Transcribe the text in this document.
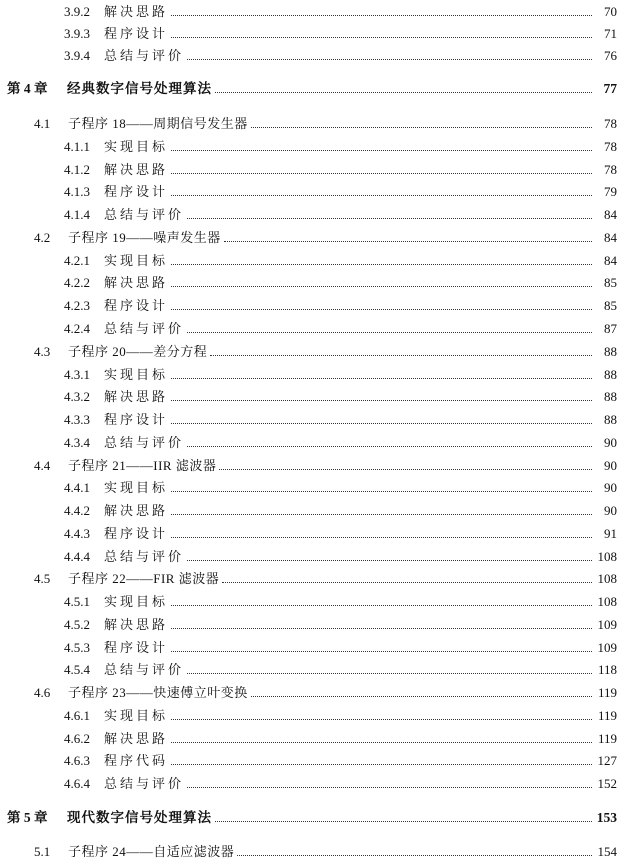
3.9.2	解决思路	70
3.9.3	程序设计	71
3.9.4	总结与评价	76
第 4 章	经典数字信号处理算法	77
4.1	子程序 18——周期信号发生器	78
4.1.1	实现目标	78
4.1.2	解决思路	78
4.1.3	程序设计	79
4.1.4	总结与评价	84
4.2	子程序 19——噪声发生器	84
4.2.1	实现目标	84
4.2.2	解决思路	85
4.2.3	程序设计	85
4.2.4	总结与评价	87
4.3	子程序 20——差分方程	88
4.3.1	实现目标	88
4.3.2	解决思路	88
4.3.3	程序设计	88
4.3.4	总结与评价	90
4.4	子程序 21——IIR 滤波器	90
4.4.1	实现目标	90
4.4.2	解决思路	90
4.4.3	程序设计	91
4.4.4	总结与评价	108
4.5	子程序 22——FIR 滤波器	108
4.5.1	实现目标	108
4.5.2	解决思路	109
4.5.3	程序设计	109
4.5.4	总结与评价	118
4.6	子程序 23——快速傅立叶变换	119
4.6.1	实现目标	119
4.6.2	解决思路	119
4.6.3	程序代码	127
4.6.4	总结与评价	152
第 5 章	现代数字信号处理算法	153
5.1	子程序 24——自适应滤波器	154
